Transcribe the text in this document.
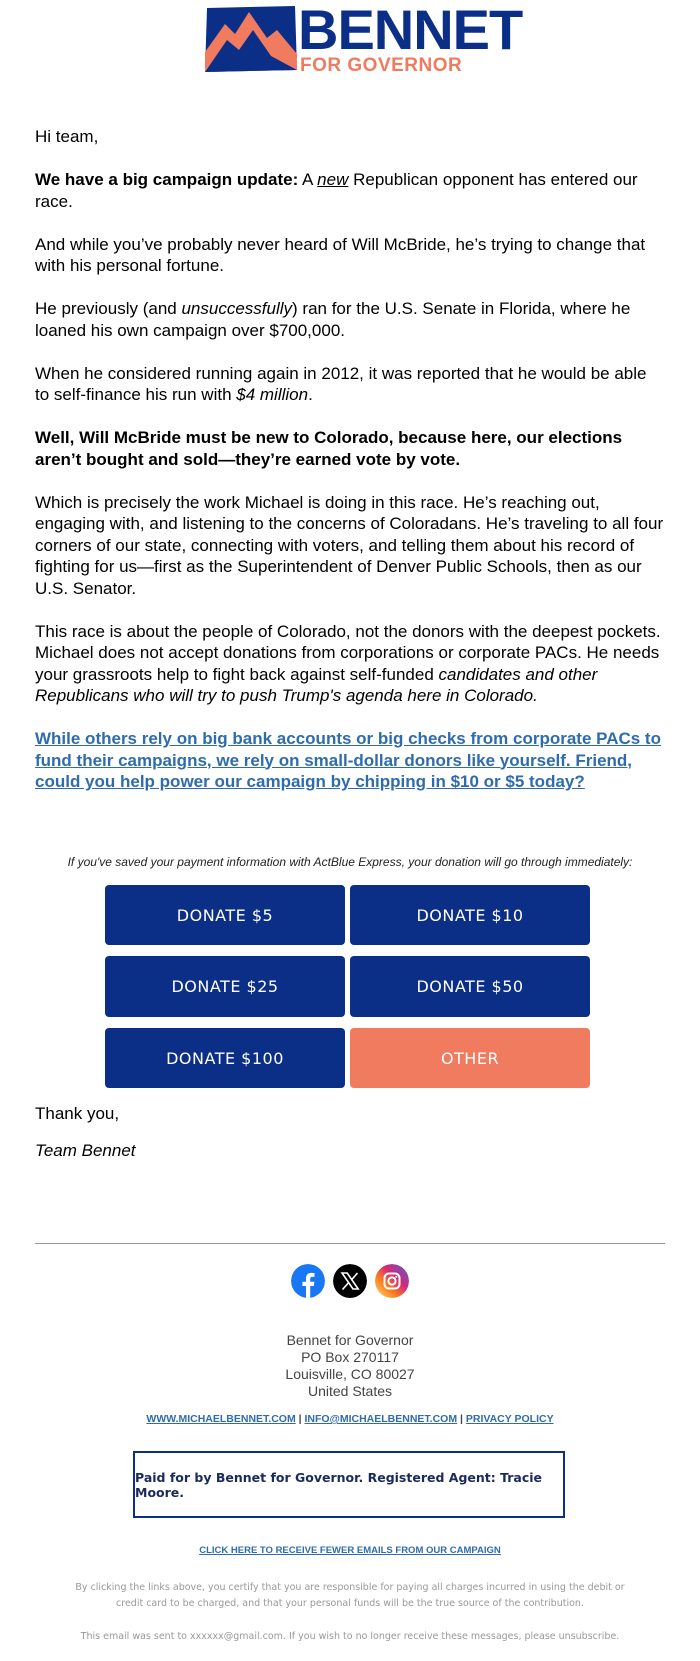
BENNET
FOR GOVERNOR

Hi team,

We have a big campaign update: A new Republican opponent has entered our race.

And while you’ve probably never heard of Will McBride, he’s trying to change that with his personal fortune.

He previously (and unsuccessfully) ran for the U.S. Senate in Florida, where he loaned his own campaign over $700,000.

When he considered running again in 2012, it was reported that he would be able to self-finance his run with $4 million.

Well, Will McBride must be new to Colorado, because here, our elections aren’t bought and sold—they’re earned vote by vote.

Which is precisely the work Michael is doing in this race. He’s reaching out, engaging with, and listening to the concerns of Coloradans. He’s traveling to all four corners of our state, connecting with voters, and telling them about his record of fighting for us—first as the Superintendent of Denver Public Schools, then as our U.S. Senator.

This race is about the people of Colorado, not the donors with the deepest pockets. Michael does not accept donations from corporations or corporate PACs. He needs your grassroots help to fight back against self-funded candidates and other Republicans who will try to push Trump's agenda here in Colorado.

While others rely on big bank accounts or big checks from corporate PACs to fund their campaigns, we rely on small-dollar donors like yourself. Friend, could you help power our campaign by chipping in $10 or $5 today?

If you've saved your payment information with ActBlue Express, your donation will go through immediately:
DONATE $5	DONATE $10
DONATE $25	DONATE $50
DONATE $100	OTHER

Thank you,

Team Bennet

Bennet for Governor
PO Box 270117
Louisville, CO 80027
United States
WWW.MICHAELBENNET.COM | INFO@MICHAELBENNET.COM | PRIVACY POLICY
Paid for by Bennet for Governor. Registered Agent: Tracie Moore.
CLICK HERE TO RECEIVE FEWER EMAILS FROM OUR CAMPAIGN
By clicking the links above, you certify that you are responsible for paying all charges incurred in using the debit or credit card to be charged, and that your personal funds will be the true source of the contribution.
This email was sent to xxxxxx@gmail.com. If you wish to no longer receive these messages, please unsubscribe.
